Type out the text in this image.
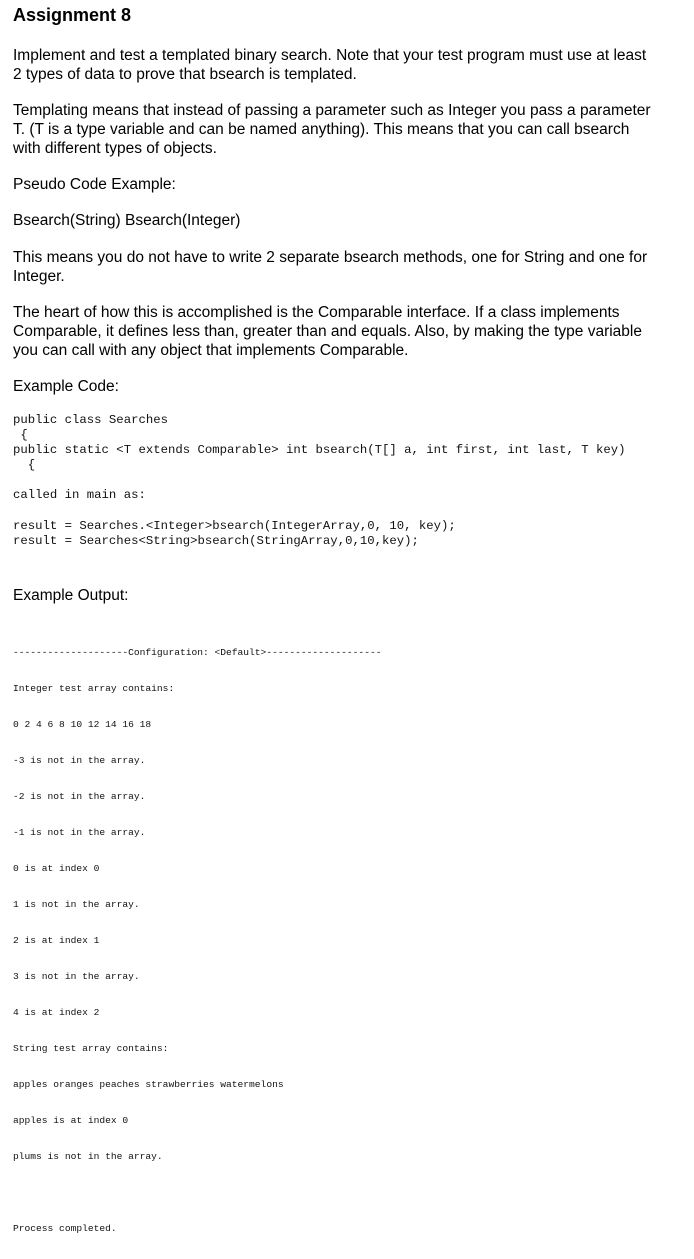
Assignment 8

Implement and test a templated binary search. Note that your test program must use at least
2 types of data to prove that bsearch is templated.

Templating means that instead of passing a parameter such as Integer you pass a parameter
T. (T is a type variable and can be named anything). This means that you can call bsearch
with different types of objects.

Pseudo Code Example:

Bsearch(String) Bsearch(Integer)

This means you do not have to write 2 separate bsearch methods, one for String and one for
Integer.

The heart of how this is accomplished is the Comparable interface. If a class implements
Comparable, it defines less than, greater than and equals. Also, by making the type variable
you can call with any object that implements Comparable.

Example Code:

public class Searches
{
public static <T extends Comparable> int bsearch(T[] a, int first, int last, T key)
{
called in main as:
result = Searches.<Integer>bsearch(IntegerArray,0, 10, key);
result = Searches<String>bsearch(StringArray,0,10,key);

Example Output:

--------------------Configuration: <Default>--------------------

Integer test array contains:

0 2 4 6 8 10 12 14 16 18

-3 is not in the array.

-2 is not in the array.

-1 is not in the array.

0 is at index 0

1 is not in the array.

2 is at index 1

3 is not in the array.

4 is at index 2

String test array contains:

apples oranges peaches strawberries watermelons

apples is at index 0

plums is not in the array.

Process completed.
